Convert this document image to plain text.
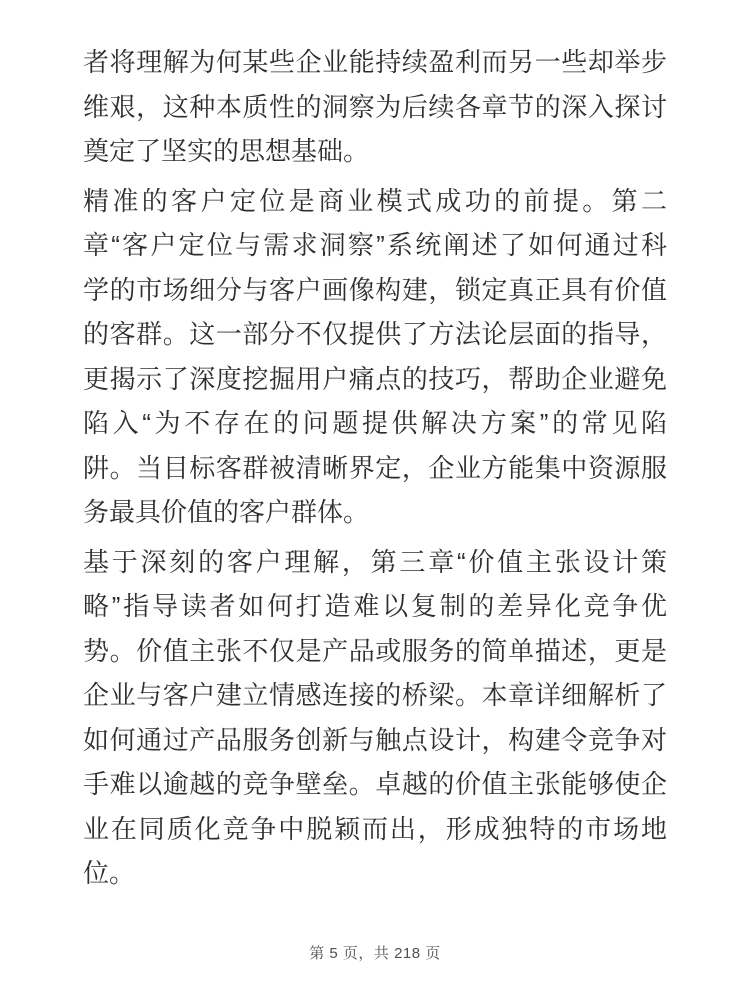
者将理解为何某些企业能持续盈利而另一些却举步
维艰，这种本质性的洞察为后续各章节的深入探讨
奠定了坚实的思想基础。
精准的客户定位是商业模式成功的前提。第二
章“客户定位与需求洞察”系统阐述了如何通过科
学的市场细分与客户画像构建，锁定真正具有价值
的客群。这一部分不仅提供了方法论层面的指导，
更揭示了深度挖掘用户痛点的技巧，帮助企业避免
陷入“为不存在的问题提供解决方案”的常见陷
阱。当目标客群被清晰界定，企业方能集中资源服
务最具价值的客户群体。
基于深刻的客户理解，第三章“价值主张设计策
略”指导读者如何打造难以复制的差异化竞争优
势。价值主张不仅是产品或服务的简单描述，更是
企业与客户建立情感连接的桥梁。本章详细解析了
如何通过产品服务创新与触点设计，构建令竞争对
手难以逾越的竞争壁垒。卓越的价值主张能够使企
业在同质化竞争中脱颖而出，形成独特的市场地
位。
第 5 页，共 218 页
